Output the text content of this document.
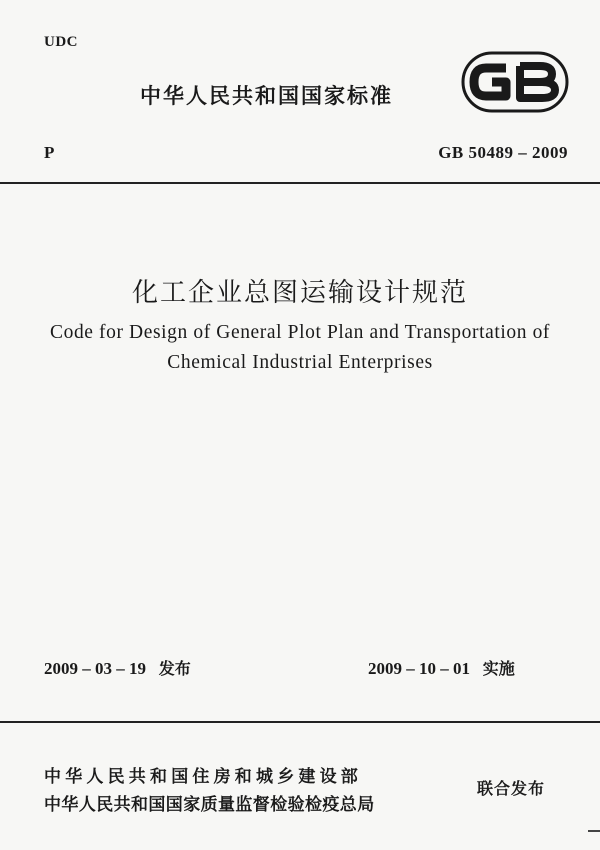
UDC
中华人民共和国国家标准
P	GB 50489 – 2009
化工企业总图运输设计规范
Code for Design of General Plot Plan and Transportation of
Chemical Industrial Enterprises
2009 – 03 – 19 发布	2009 – 10 – 01 实施
中华人民共和国住房和城乡建设部
中华人民共和国国家质量监督检验检疫总局
联合发布
